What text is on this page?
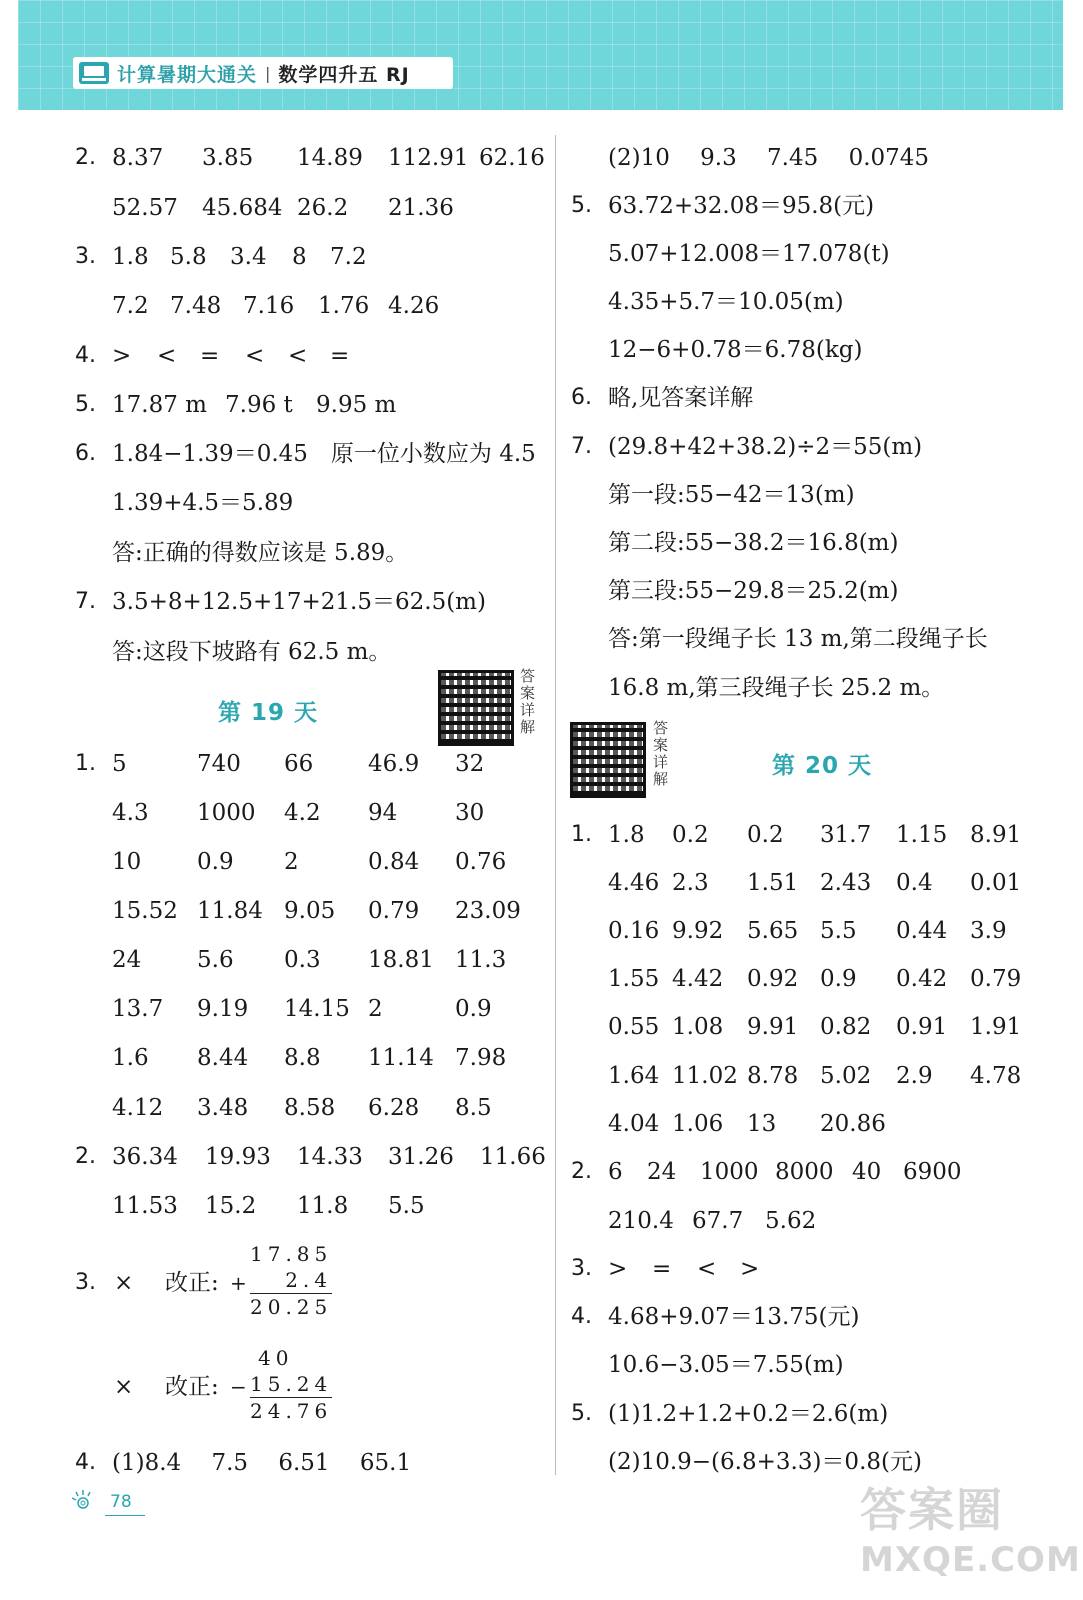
计算暑期大通关 | 数学四升五 RJ
2. 8.37 3.85 14.89 112.91 62.16
52.57 45.684 26.2 21.36
3. 1.8 5.8 3.4 8 7.2
7.2 7.48 7.16 1.76 4.26
4. > < = < < =
5. 17.87 m 7.96 t 9.95 m
6. 1.84−1.39＝0.45　原一位小数应为 4.5
1.39+4.5＝5.89
答:正确的得数应该是 5.89。
7. 3.5+8+12.5+17+21.5＝62.5(m)
答:这段下坡路有 62.5 m。
第 19 天
答案详解
1. 5	740 66 46.9 32
4.3 1000 4.2 94	30
10 0.9 2	0.84 0.76
15.52 11.84 9.05 0.79 23.09
24 5.6 0.3 18.81 11.3
13.7 9.19 14.15 2	0.9
1.6 8.44 8.8 11.14 7.98
4.12 3.48 8.58 6.28 8.5
2. 36.34 19.93 14.33 31.26 11.66
11.53 15.2 11.8 5.5
3. × 改正: +
17.85
2.4
20.25
× 改正: −
40
15.24
24.76
4. (1)8.4　 7.5　 6.51　 65.1
(2)10　 9.3　 7.45　 0.0745
5. 63.72+32.08＝95.8(元)
5.07+12.008＝17.078(t)
4.35+5.7＝10.05(m)
12−6+0.78＝6.78(kg)
6. 略,见答案详解
7. (29.8+42+38.2)÷2＝55(m)
第一段:55−42＝13(m)
第二段:55−38.2＝16.8(m)
第三段:55−29.8＝25.2(m)
答:第一段绳子长 13 m,第二段绳子长
16.8 m,第三段绳子长 25.2 m。
答案详解	第 20 天
1. 1.8 0.2 0.2 31.7 1.15 8.91
4.46 2.3 1.51 2.43 0.4 0.01
0.16 9.92 5.65 5.5 0.44 3.9
1.55 4.42 0.92 0.9 0.42 0.79
0.55 1.08 9.91 0.82 0.91 1.91
1.64 11.02 8.78 5.02 2.9 4.78
4.04 1.06 13 20.86
2. 6 24 1000 8000 40 6900
210.4 67.7 5.62
3. > = < >
4. 4.68+9.07＝13.75(元)
10.6−3.05＝7.55(m)
5. (1)1.2+1.2+0.2＝2.6(m)
(2)10.9−(6.8+3.3)＝0.8(元)
78	答案圈
MXQE.COM
